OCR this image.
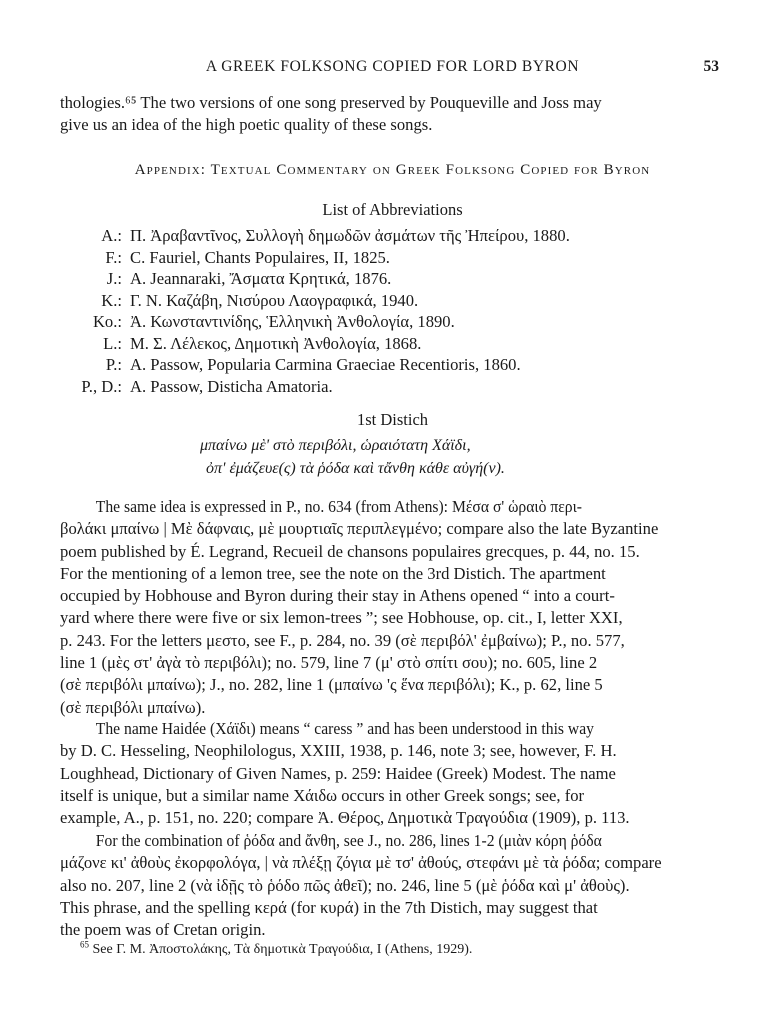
A GREEK FOLKSONG COPIED FOR LORD BYRON	53
thologies.⁶⁵ The two versions of one song preserved by Pouqueville and Joss may
give us an idea of the high poetic quality of these songs.
Appendix: Textual Commentary on Greek Folksong Copied for Byron
List of Abbreviations
A.: Π. Ἀραβαντῖνος, Συλλογὴ δημωδῶν ἀσμάτων τῆς Ἠπείρου, 1880.
F.: C. Fauriel, Chants Populaires, II, 1825.
J.: A. Jeannaraki, Ἄσματα Κρητικά, 1876.
K.: Γ. Ν. Καζάβη, Νισύρου Λαογραφικά, 1940.
Ko.: Ἀ. Κωνσταντινίδης, Ἑλληνικὴ Ἀνθολογία, 1890.
L.: Μ. Σ. Λέλεκος, Δημοτικὴ Ἀνθολογία, 1868.
P.: A. Passow, Popularia Carmina Graeciae Recentioris, 1860.
P., D.: A. Passow, Disticha Amatoria.
1st Distich
μπαίνω μὲ' στὸ περιβόλι, ὡραιότατη Χάϊδι,
ὀπ' ἐμάζευε(ς) τὰ ῥόδα καὶ τἄνθη κάθε αὐγή(ν).
The same idea is expressed in P., no. 634 (from Athens): Μέσα σ' ὡραιὸ περι-
βολάκι μπαίνω | Μὲ δάφναις, μὲ μουρτιαῖς περιπλεγμένο; compare also the late Byzantine
poem published by É. Legrand, Recueil de chansons populaires grecques, p. 44, no. 15.
For the mentioning of a lemon tree, see the note on the 3rd Distich. The apartment
occupied by Hobhouse and Byron during their stay in Athens opened “ into a court-
yard where there were five or six lemon-trees ”; see Hobhouse, op. cit., I, letter XXI,
p. 243. For the letters μεστο, see F., p. 284, no. 39 (σὲ περιβόλ' ἐμβαίνω); P., no. 577,
line 1 (μὲς στ' ἀγὰ τὸ περιβόλι); no. 579, line 7 (μ' στὸ σπίτι σου); no. 605, line 2
(σὲ περιβόλι μπαίνω); J., no. 282, line 1 (μπαίνω 'ς ἕνα περιβόλι); K., p. 62, line 5
(σὲ περιβόλι μπαίνω).
The name Haidée (Χάϊδι) means “ caress ” and has been understood in this way
by D. C. Hesseling, Neophilologus, XXIII, 1938, p. 146, note 3; see, however, F. H.
Loughhead, Dictionary of Given Names, p. 259: Haidee (Greek) Modest. The name
itself is unique, but a similar name Χάιδω occurs in other Greek songs; see, for
example, A., p. 151, no. 220; compare Ἀ. Θέρος, Δημοτικὰ Τραγούδια (1909), p. 113.
For the combination of ῥόδα and ἄνθη, see J., no. 286, lines 1-2 (μιὰν κόρη ῥόδα
μάζονε κι' ἀθοὺς ἐκορφολόγα, | νὰ πλέξῃ ζόγια μὲ τσ' ἀθούς, στεφάνι μὲ τὰ ῥόδα; compare
also no. 207, line 2 (νὰ ἰδῇς τὸ ῥόδο πῶς ἀθεῖ); no. 246, line 5 (μὲ ῥόδα καὶ μ' ἀθοὺς).
This phrase, and the spelling κερά (for κυρά) in the 7th Distich, may suggest that
the poem was of Cretan origin.
$^{65}$ See Γ. Μ. Ἀποστολάκης, Τὰ δημοτικὰ Τραγούδια, I (Athens, 1929).
